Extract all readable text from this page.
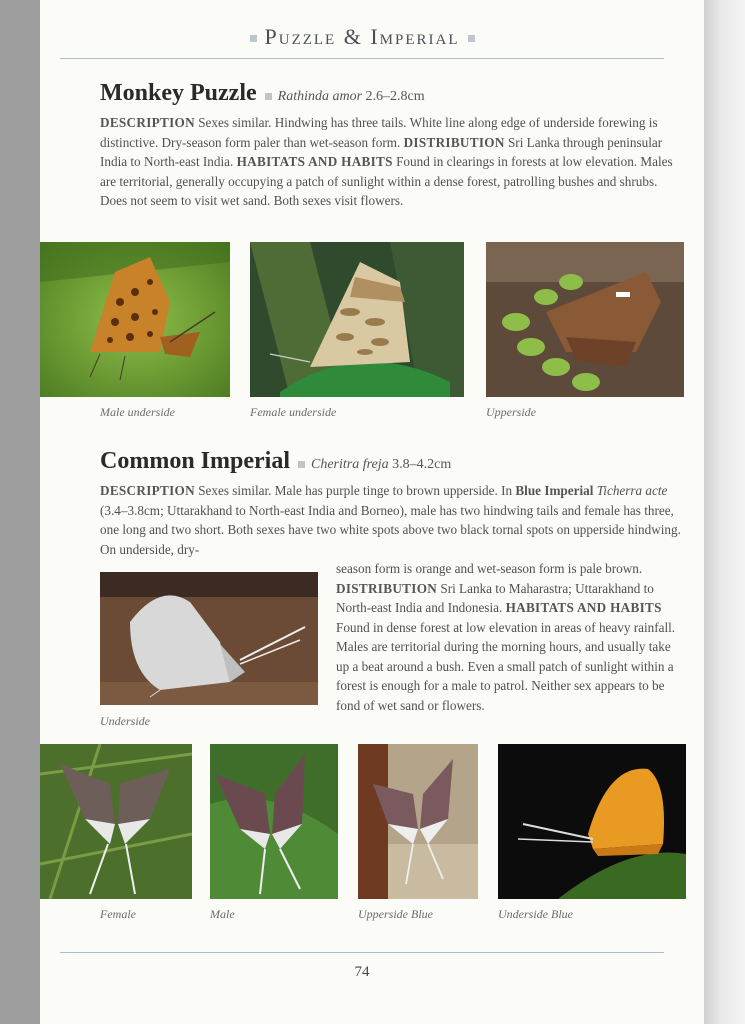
Puzzle & Imperial
Monkey Puzzle Rathinda amor 2.6–2.8cm
DESCRIPTION Sexes similar. Hindwing has three tails. White line along edge of underside forewing is distinctive. Dry-season form paler than wet-season form. DISTRIBUTION Sri Lanka through peninsular India to North-east India. HABITATS AND HABITS Found in clearings in forests at low elevation. Males are territorial, generally occupying a patch of sunlight within a dense forest, patrolling bushes and shrubs. Does not seem to visit wet sand. Both sexes visit flowers.
Male underside	Female underside	Upperside
Common Imperial Cheritra freja 3.8–4.2cm
DESCRIPTION Sexes similar. Male has purple tinge to brown upperside. In Blue Imperial Ticherra acte (3.4–3.8cm; Uttarakhand to North-east India and Borneo), male has two hindwing tails and female has three, one long and two short. Both sexes have two white spots above two black tornal spots on upperside hindwing. On underside, dry-
Underside
season form is orange and wet-season form is pale brown. DISTRIBUTION Sri Lanka to Maharastra; Uttarakhand to North-east India and Indonesia. HABITATS AND HABITS Found in dense forest at low elevation in areas of heavy rainfall. Males are territorial during the morning hours, and usually take up a beat around a bush. Even a small patch of sunlight within a forest is enough for a male to patrol. Neither sex appears to be fond of wet sand or flowers.
Female	Male	Upperside Blue	Underside Blue
74
